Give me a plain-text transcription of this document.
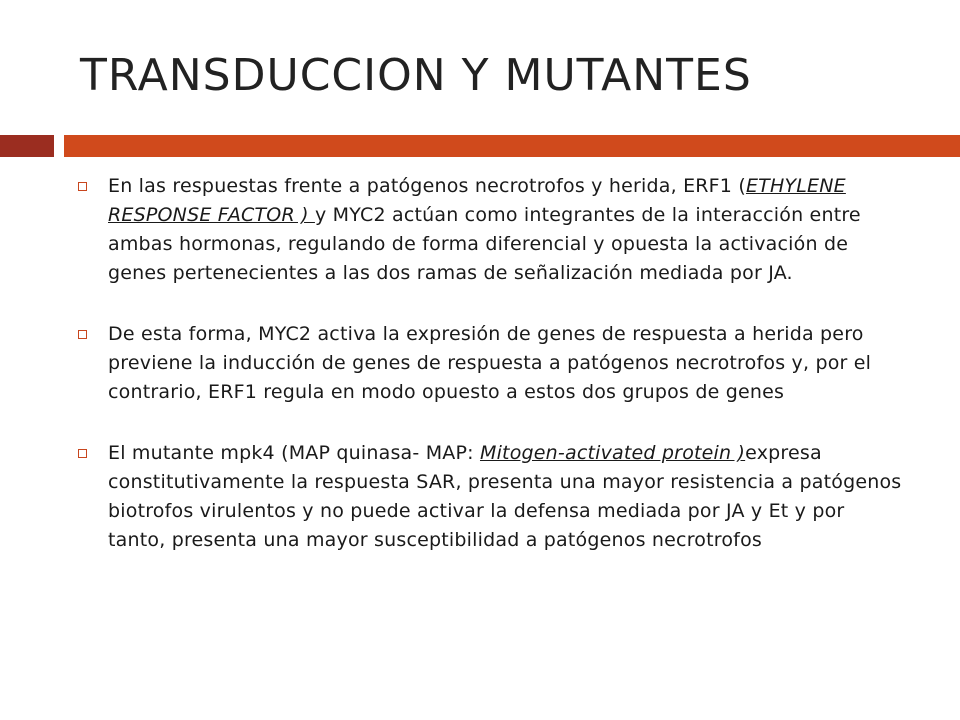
TRANSDUCCION Y MUTANTES
En las respuestas frente a patógenos necrotrofos y herida, ERF1 (ETHYLENE RESPONSE FACTOR ) y MYC2 actúan como integrantes de la interacción entre ambas hormonas, regulando de forma diferencial y opuesta la activación de genes pertenecientes a las dos ramas de señalización mediada por JA.
De esta forma, MYC2 activa la expresión de genes de respuesta a herida pero previene la inducción de genes de respuesta a patógenos necrotrofos y, por el contrario, ERF1 regula en modo opuesto a estos dos grupos de genes
El mutante mpk4 (MAP quinasa- MAP: Mitogen-activated protein )expresa constitutivamente la respuesta SAR, presenta una mayor resistencia a patógenos biotrofos virulentos y no puede activar la defensa mediada por JA y Et y por tanto, presenta una mayor susceptibilidad a patógenos necrotrofos
